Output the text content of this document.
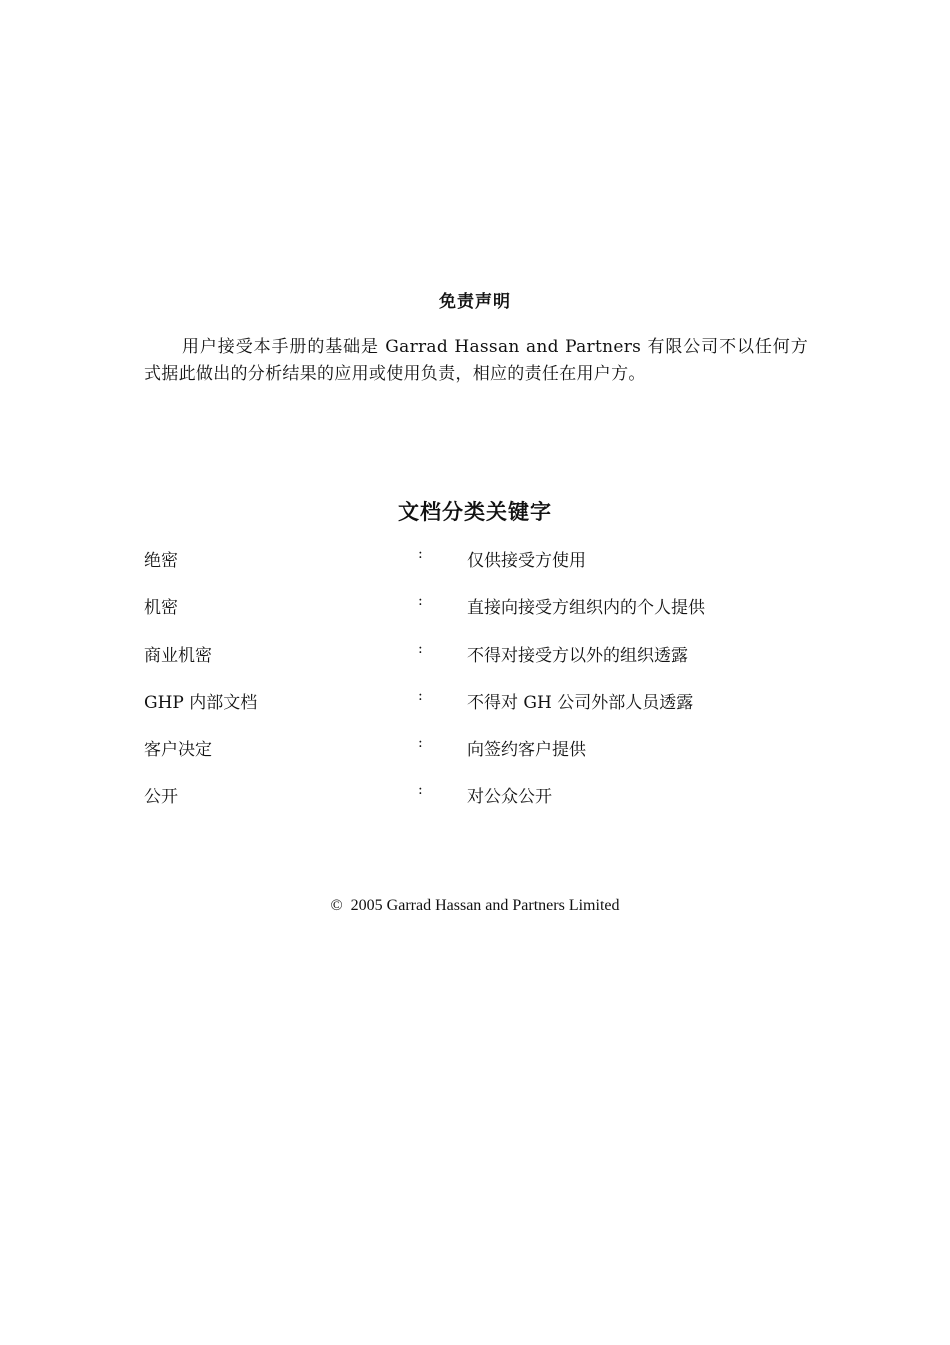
免责声明
用户接受本手册的基础是 Garrad Hassan and Partners 有限公司不以任何方式据此做出的分析结果的应用或使用负责，相应的责任在用户方。
文档分类关键字
绝密	:	仅供接受方使用
机密	:	直接向接受方组织内的个人提供
商业机密	:	不得对接受方以外的组织透露
GHP 内部文档	:	不得对 GH 公司外部人员透露
客户决定	:	向签约客户提供
公开	:	对公众公开
© 2005 Garrad Hassan and Partners Limited
